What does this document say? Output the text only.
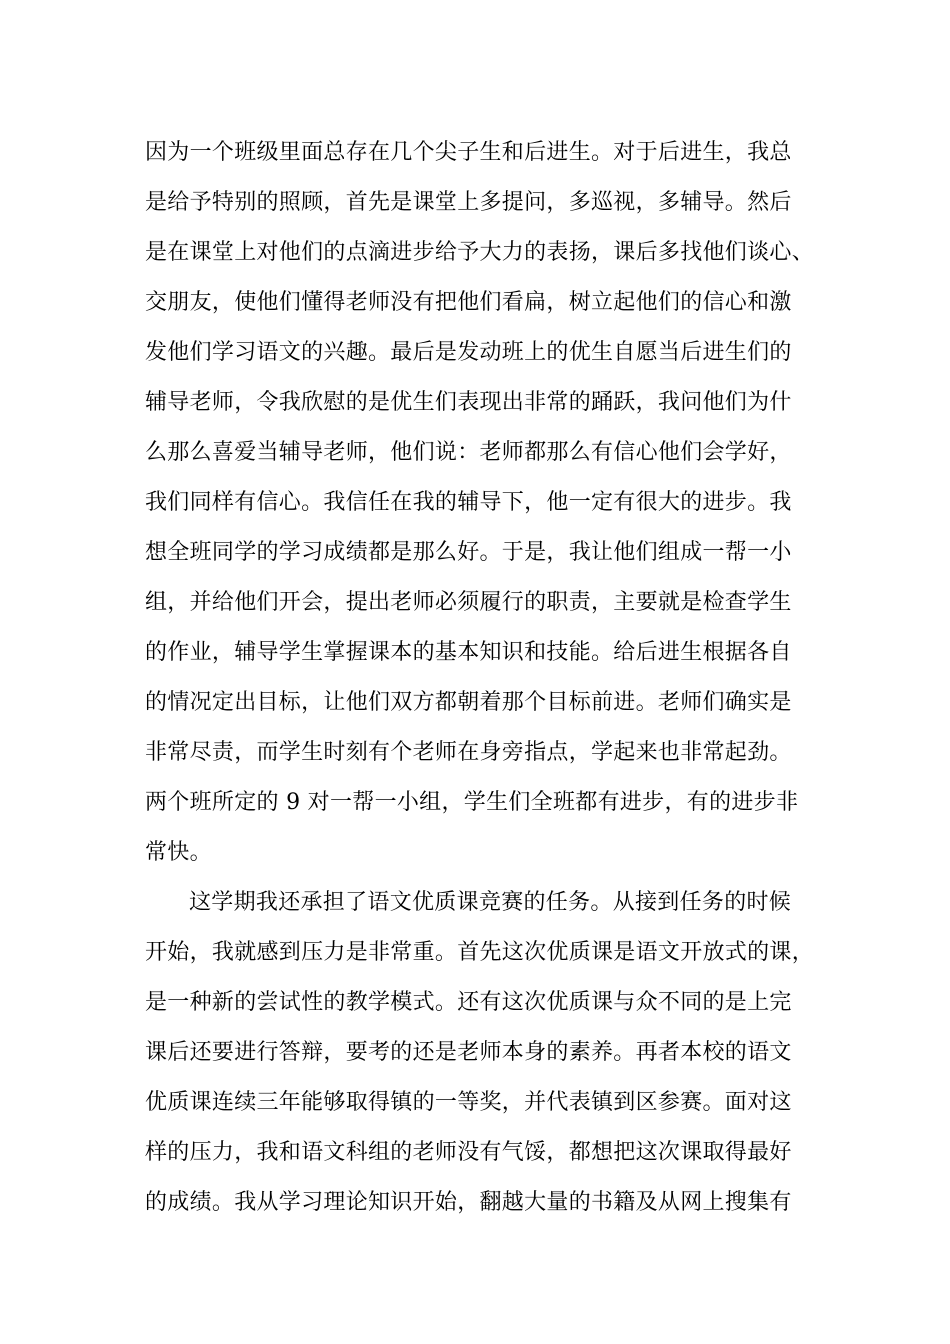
因为一个班级里面总存在几个尖子生和后进生。对于后进生，我总
是给予特别的照顾，首先是课堂上多提问，多巡视，多辅导。然后
是在课堂上对他们的点滴进步给予大力的表扬，课后多找他们谈心、
交朋友，使他们懂得老师没有把他们看扁，树立起他们的信心和激
发他们学习语文的兴趣。最后是发动班上的优生自愿当后进生们的
辅导老师，令我欣慰的是优生们表现出非常的踊跃，我问他们为什
么那么喜爱当辅导老师，他们说：老师都那么有信心他们会学好，
我们同样有信心。我信任在我的辅导下，他一定有很大的进步。我
想全班同学的学习成绩都是那么好。于是，我让他们组成一帮一小
组，并给他们开会，提出老师必须履行的职责，主要就是检查学生
的作业，辅导学生掌握课本的基本知识和技能。给后进生根据各自
的情况定出目标，让他们双方都朝着那个目标前进。老师们确实是
非常尽责，而学生时刻有个老师在身旁指点，学起来也非常起劲。
两个班所定的 9 对一帮一小组，学生们全班都有进步，有的进步非
常快。
这学期我还承担了语文优质课竞赛的任务。从接到任务的时候
开始，我就感到压力是非常重。首先这次优质课是语文开放式的课，
是一种新的尝试性的教学模式。还有这次优质课与众不同的是上完
课后还要进行答辩，要考的还是老师本身的素养。再者本校的语文
优质课连续三年能够取得镇的一等奖，并代表镇到区参赛。面对这
样的压力，我和语文科组的老师没有气馁，都想把这次课取得最好
的成绩。我从学习理论知识开始，翻越大量的书籍及从网上搜集有
